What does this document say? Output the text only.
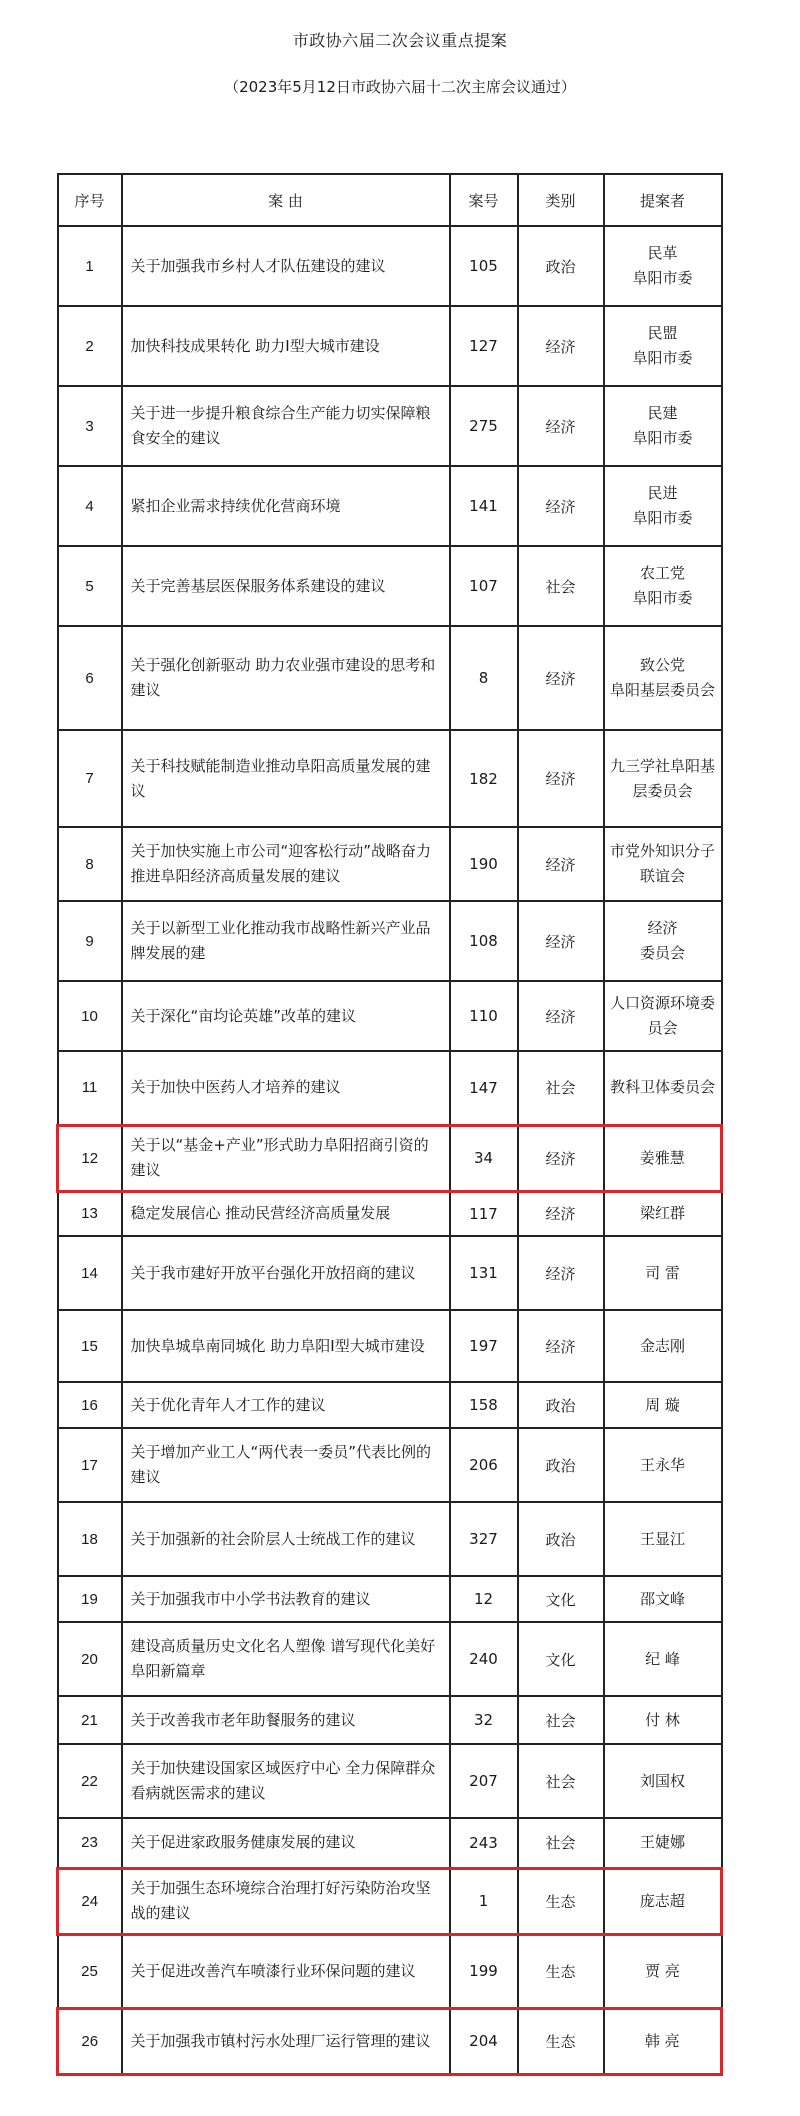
市政协六届二次会议重点提案
（2023年5月12日市政协六届十二次主席会议通过）
序号	案 由	案号	类别	提案者
1	关于加强我市乡村人才队伍建设的建议	105	政治	民革
阜阳市委
2	加快科技成果转化 助力I型大城市建设	127	经济	民盟
阜阳市委
3	关于进一步提升粮食综合生产能力切实保障粮食安全的建议	275	经济	民建
阜阳市委
4	紧扣企业需求持续优化营商环境	141	经济	民进
阜阳市委
5	关于完善基层医保服务体系建设的建议	107	社会	农工党
阜阳市委
6	关于强化创新驱动 助力农业强市建设的思考和建议	8	经济	致公党
阜阳基层委员会
7	关于科技赋能制造业推动阜阳高质量发展的建议	182	经济	九三学社阜阳基层委员会
8	关于加快实施上市公司“迎客松行动”战略奋力推进阜阳经济高质量发展的建议	190	经济	市党外知识分子联谊会
9	关于以新型工业化推动我市战略性新兴产业品牌发展的建	108	经济	经济
委员会
10	关于深化“亩均论英雄”改革的建议	110	经济	人口资源环境委员会
11	关于加快中医药人才培养的建议	147	社会	教科卫体委员会
12	关于以“基金+产业”形式助力阜阳招商引资的建议	34	经济	姜雅慧
13	稳定发展信心 推动民营经济高质量发展	117	经济	梁红群
14	关于我市建好开放平台强化开放招商的建议	131	经济	司 雷
15	加快阜城阜南同城化 助力阜阳I型大城市建设	197	经济	金志刚
16	关于优化青年人才工作的建议	158	政治	周 璇
17	关于增加产业工人“两代表一委员”代表比例的建议	206	政治	王永华
18	关于加强新的社会阶层人士统战工作的建议	327	政治	王显江
19	关于加强我市中小学书法教育的建议	12	文化	邵文峰
20	建设高质量历史文化名人塑像 谱写现代化美好阜阳新篇章	240	文化	纪 峰
21	关于改善我市老年助餐服务的建议	32	社会	付 林
22	关于加快建设国家区域医疗中心 全力保障群众看病就医需求的建议	207	社会	刘国权
23	关于促进家政服务健康发展的建议	243	社会	王婕娜
24	关于加强生态环境综合治理打好污染防治攻坚战的建议	1	生态	庞志超
25	关于促进改善汽车喷漆行业环保问题的建议	199	生态	贾 亮
26	关于加强我市镇村污水处理厂运行管理的建议	204	生态	韩 亮
